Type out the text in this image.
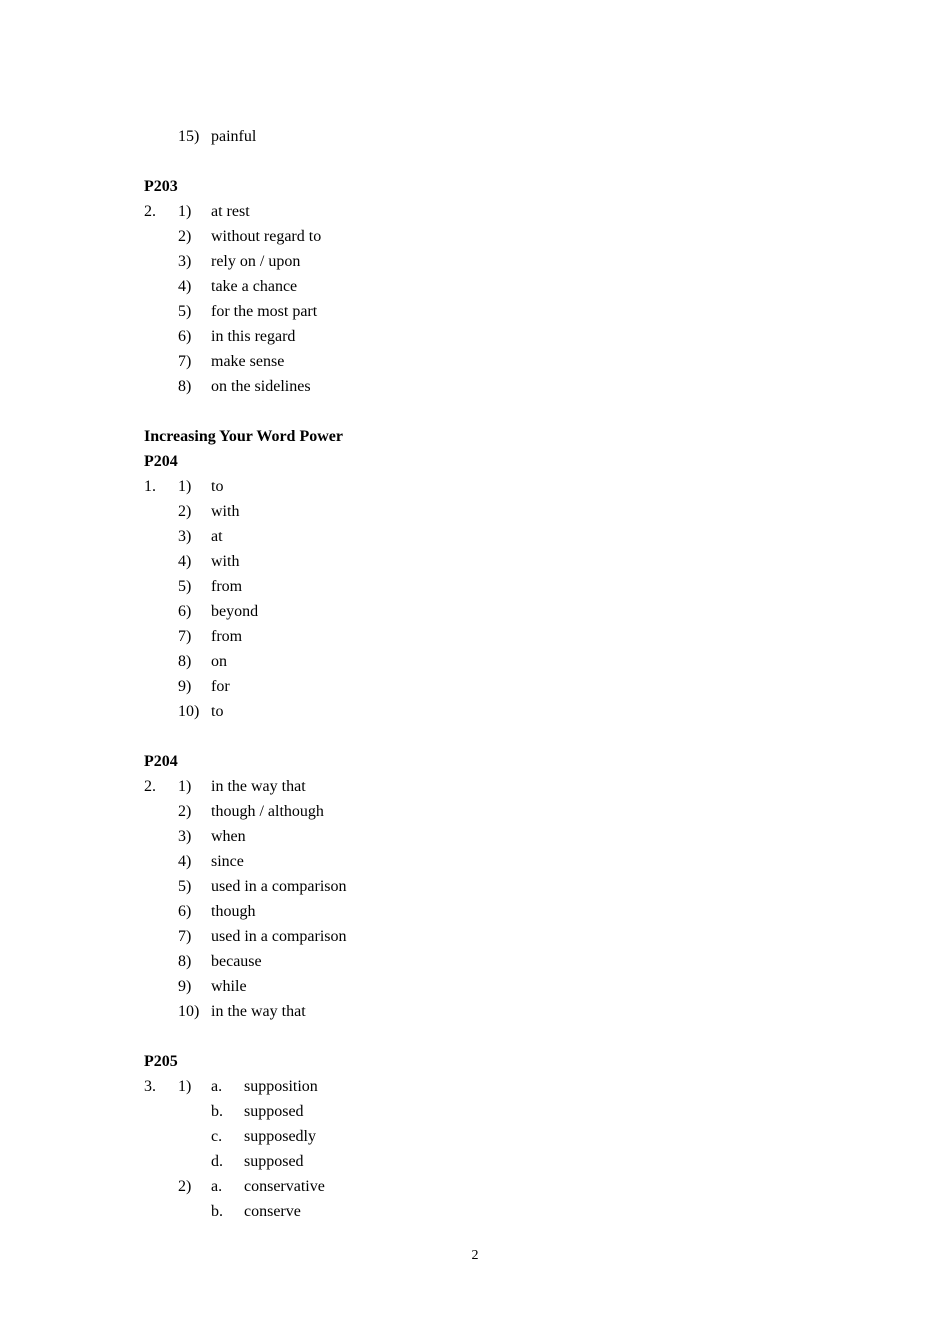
15) painful
P203
2. 1) at rest
2) without regard to
3) rely on / upon
4) take a chance
5) for the most part
6) in this regard
7) make sense
8) on the sidelines
Increasing Your Word Power
P204
1. 1) to
2) with
3) at
4) with
5) from
6) beyond
7) from
8) on
9) for
10) to
P204
2. 1) in the way that
2) though / although
3) when
4) since
5) used in a comparison
6) though
7) used in a comparison
8) because
9) while
10) in the way that
P205
3. 1) a. supposition
b. supposed
c. supposedly
d. supposed
2) a. conservative
b. conserve
2
